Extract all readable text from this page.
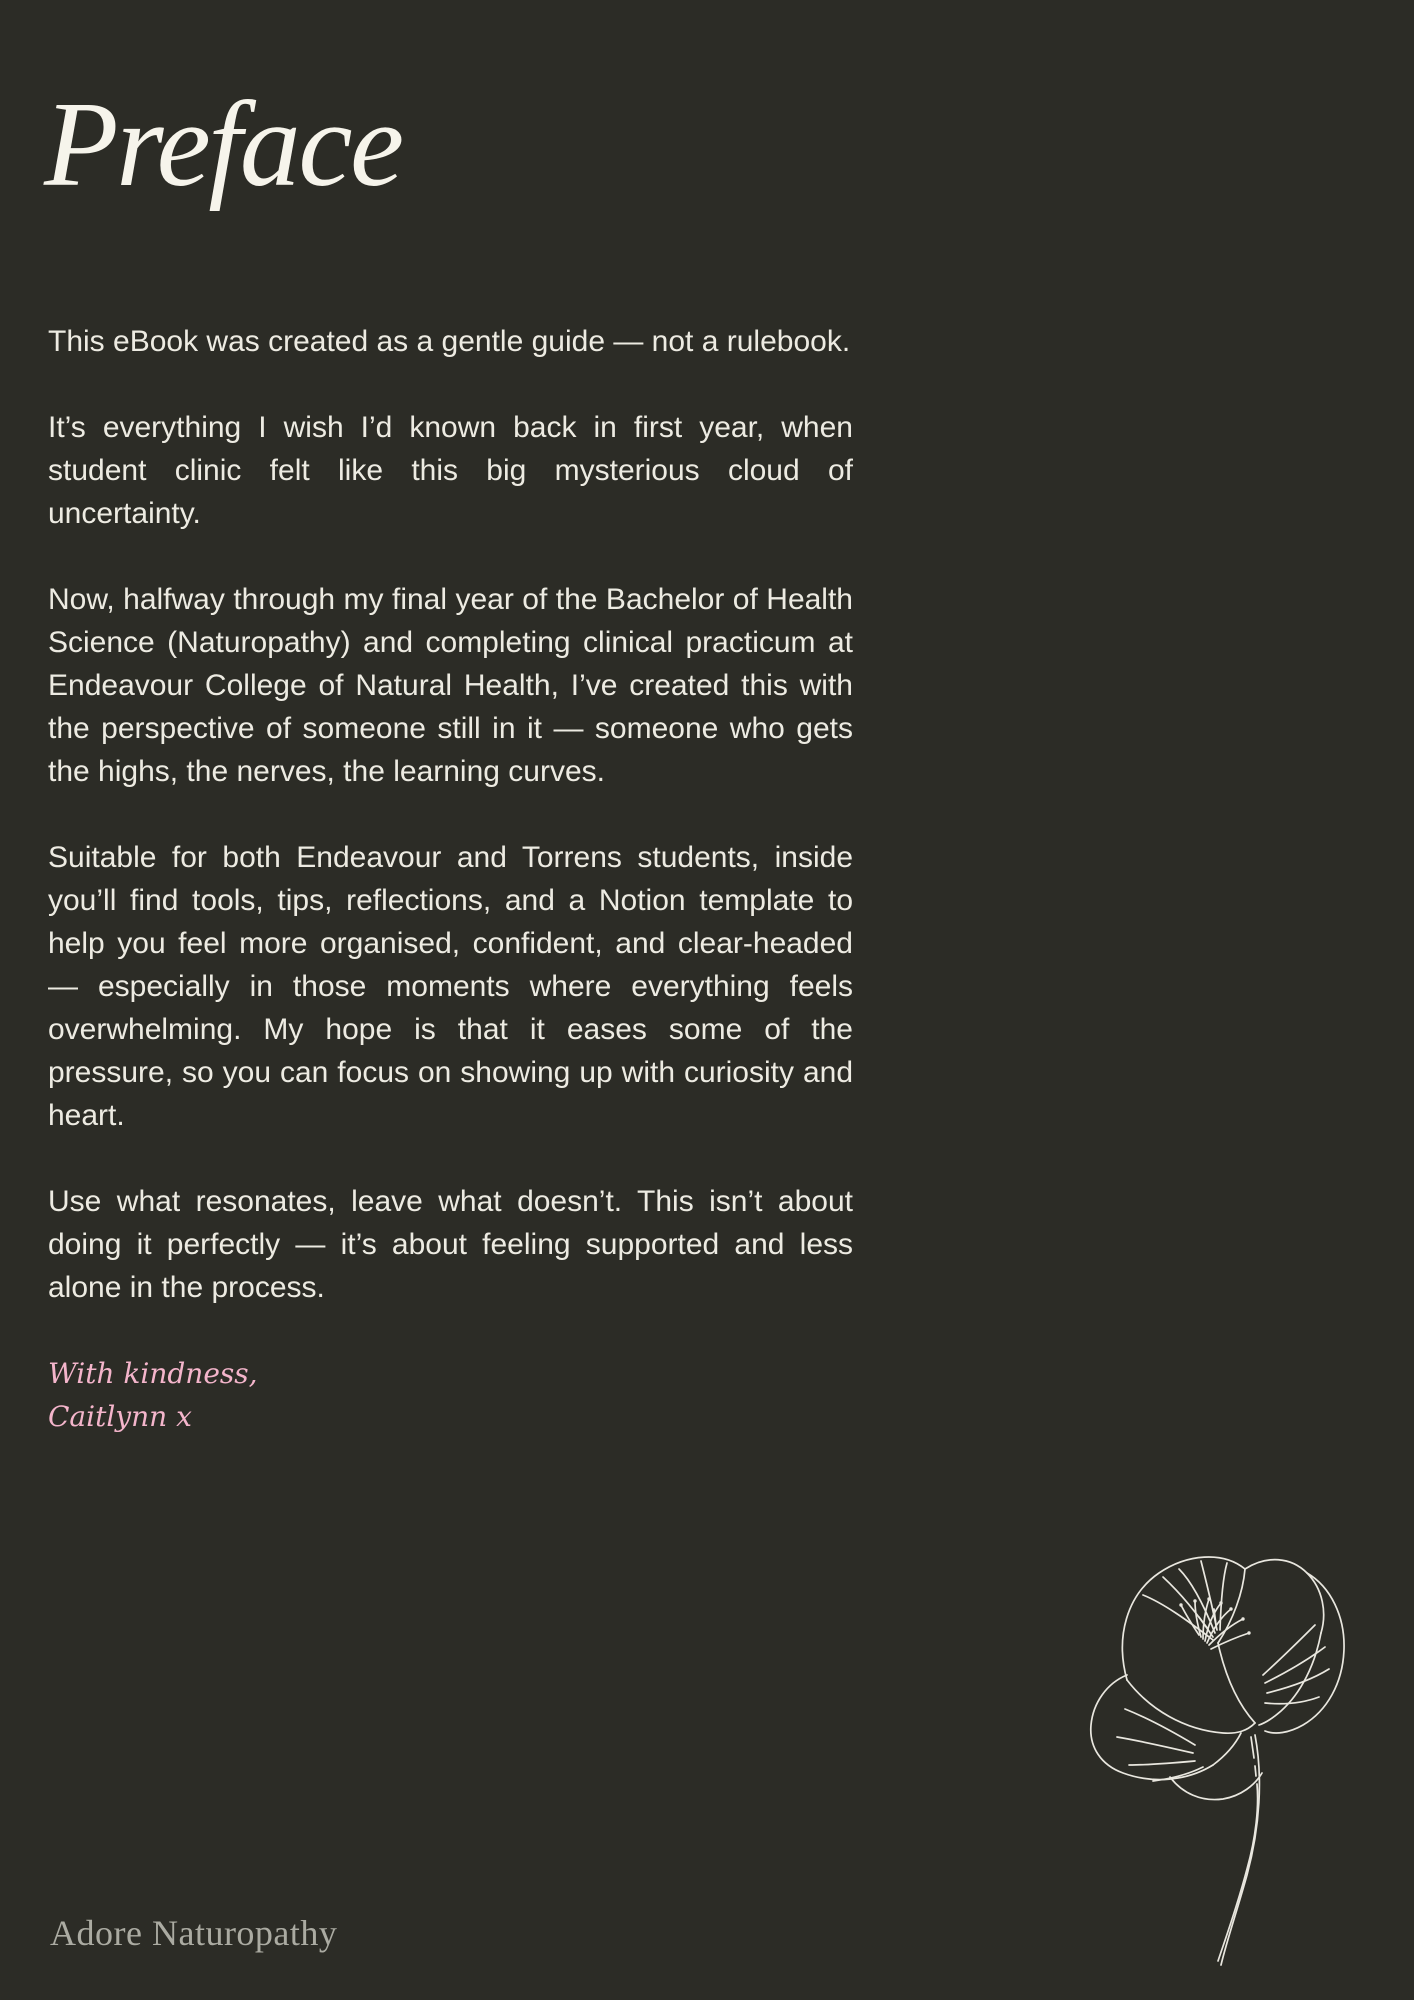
Preface

This eBook was created as a gentle guide — not a rulebook.

It’s everything I wish I’d known back in first year, when student clinic felt like this big mysterious cloud of uncertainty.

Now, halfway through my final year of the Bachelor of Health Science (Naturopathy) and completing clinical practicum at Endeavour College of Natural Health, I’ve created this with the perspective of someone still in it — someone who gets the highs, the nerves, the learning curves.

Suitable for both Endeavour and Torrens students, inside you’ll find tools, tips, reflections, and a Notion template to help you feel more organised, confident, and clear-headed — especially in those moments where everything feels overwhelming. My hope is that it eases some of the pressure, so you can focus on showing up with curiosity and heart.

Use what resonates, leave what doesn’t. This isn’t about doing it perfectly — it’s about feeling supported and less alone in the process.

With kindness,
Caitlynn x
Adore Naturopathy
